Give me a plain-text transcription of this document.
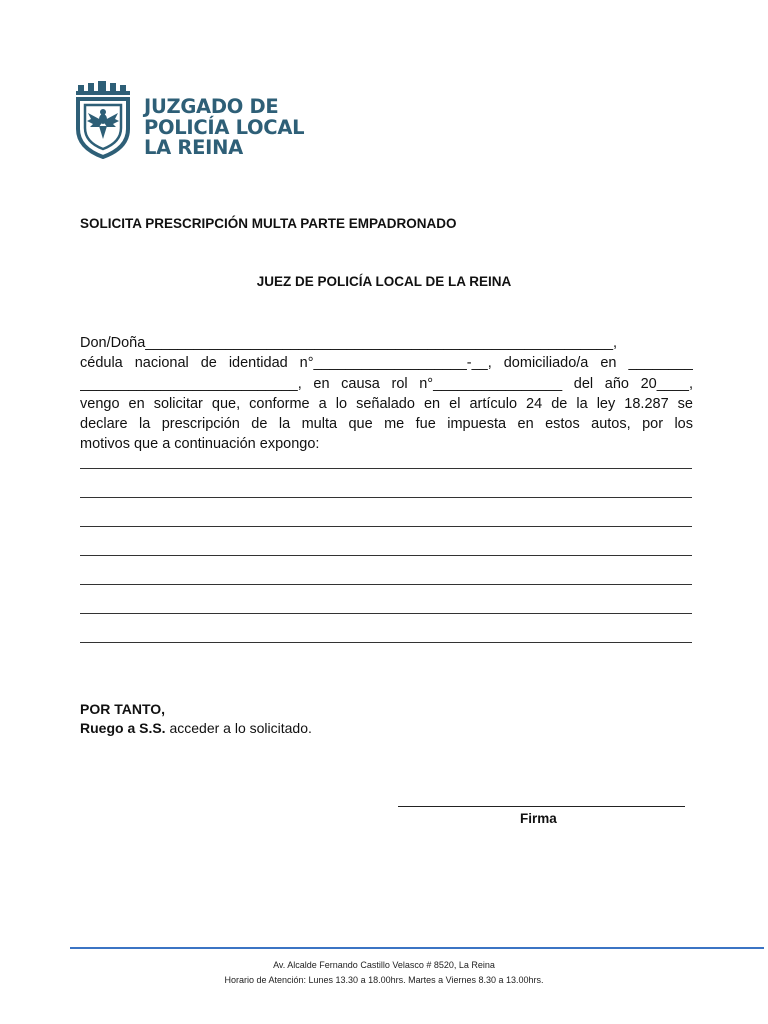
JUZGADO DE
POLICÍA LOCAL
LA REINA
SOLICITA PRESCRIPCIÓN MULTA PARTE EMPADRONADO
JUEZ DE POLICÍA LOCAL DE LA REINA

Don/Doña__________________________________________________________,

cédula nacional de identidad n°___________________-__, domiciliado/a en ________

___________________________, en causa rol n°________________ del año 20____,

vengo en solicitar que, conforme a lo señalado en el artículo 24 de la ley 18.287 se

declare la prescripción de la multa que me fue impuesta en estos autos, por los

motivos que a continuación expongo:

POR TANTO,
Ruego a S.S. acceder a lo solicitado.
Firma
Av. Alcalde Fernando Castillo Velasco # 8520, La Reina
Horario de Atención: Lunes 13.30 a 18.00hrs. Martes a Viernes 8.30 a 13.00hrs.
